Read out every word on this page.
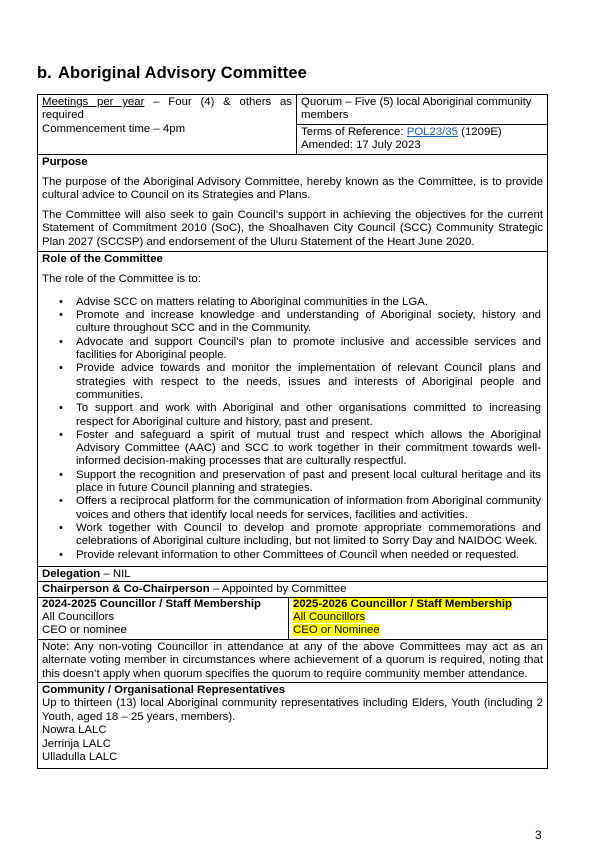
b. Aboriginal Advisory Committee
Meetings per year – Four (4) & others as required
Commencement time – 4pm
Quorum – Five (5) local Aboriginal community members
Terms of Reference: POL23/35 (1209E)
Amended: 17 July 2023
Purpose
The purpose of the Aboriginal Advisory Committee, hereby known as the Committee, is to provide cultural advice to Council on its Strategies and Plans.
The Committee will also seek to gain Council’s support in achieving the objectives for the current Statement of Commitment 2010 (SoC), the Shoalhaven City Council (SCC) Community Strategic Plan 2027 (SCCSP) and endorsement of the Uluru Statement of the Heart June 2020.
Role of the Committee
The role of the Committee is to:
• Advise SCC on matters relating to Aboriginal communities in the LGA.
• Promote and increase knowledge and understanding of Aboriginal society, history and culture throughout SCC and in the Community.
• Advocate and support Council’s plan to promote inclusive and accessible services and facilities for Aboriginal people.
• Provide advice towards and monitor the implementation of relevant Council plans and strategies with respect to the needs, issues and interests of Aboriginal people and communities.
• To support and work with Aboriginal and other organisations committed to increasing respect for Aboriginal culture and history, past and present.
• Foster and safeguard a spirit of mutual trust and respect which allows the Aboriginal Advisory Committee (AAC) and SCC to work together in their commitment towards well-informed decision-making processes that are culturally respectful.
• Support the recognition and preservation of past and present local cultural heritage and its place in future Council planning and strategies.
• Offers a reciprocal platform for the communication of information from Aboriginal community voices and others that identify local needs for services, facilities and activities.
• Work together with Council to develop and promote appropriate commemorations and celebrations of Aboriginal culture including, but not limited to Sorry Day and NAIDOC Week.
• Provide relevant information to other Committees of Council when needed or requested.
Delegation – NIL
Chairperson & Co-Chairperson – Appointed by Committee
2024-2025 Councillor / Staff Membership
All Councillors
CEO or nominee
2025-2026 Councillor / Staff Membership
All Councillors
CEO or Nominee
Note: Any non-voting Councillor in attendance at any of the above Committees may act as an alternate voting member in circumstances where achievement of a quorum is required, noting that this doesn’t apply when quorum specifies the quorum to require community member attendance.
Community / Organisational Representatives
Up to thirteen (13) local Aboriginal community representatives including Elders, Youth (including 2 Youth, aged 18 – 25 years, members).
Nowra LALC
Jerrinja LALC
Ulladulla LALC
3
